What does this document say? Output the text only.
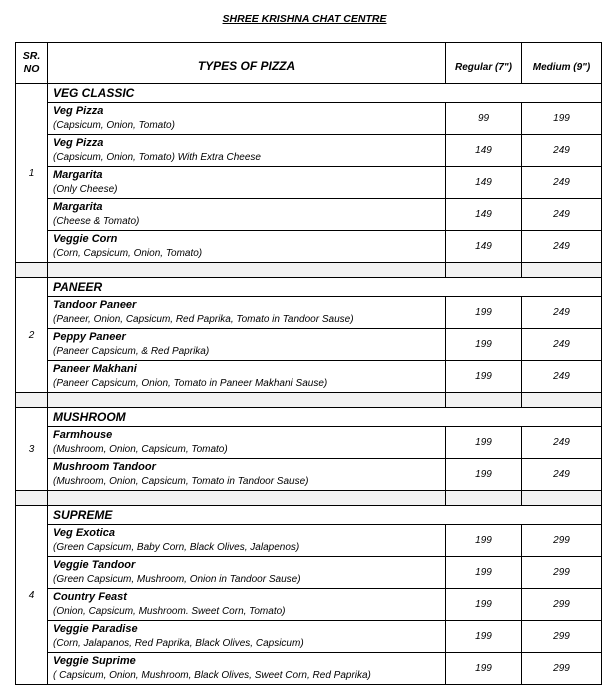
SHREE KRISHNA CHAT CENTRE
SR.
NO	TYPES OF PIZZA	Regular (7")	Medium (9")
1	VEG CLASSIC		

	Veg Pizza
(Capsicum, Onion, Tomato)	99	199

	Veg Pizza
(Capsicum, Onion, Tomato) With Extra Cheese	149	249

	Margarita
(Only Cheese)	149	249

	Margarita
(Cheese & Tomato)	149	249

	Veggie Corn
(Corn, Capsicum, Onion, Tomato)	149	249

2	PANEER		

	Tandoor Paneer
(Paneer, Onion, Capsicum, Red Paprika, Tomato in Tandoor Sause)	199	249

	Peppy Paneer
(Paneer Capsicum, & Red Paprika)	199	249

	Paneer Makhani
(Paneer Capsicum, Onion, Tomato in Paneer Makhani Sause)	199	249

3	MUSHROOM		

	Farmhouse
(Mushroom, Onion, Capsicum, Tomato)	199	249

	Mushroom Tandoor
(Mushroom, Onion, Capsicum, Tomato in Tandoor Sause)	199	249

4	SUPREME		

	Veg Exotica
(Green Capsicum, Baby Corn, Black Olives, Jalapenos)	199	299

	Veggie Tandoor
(Green Capsicum, Mushroom, Onion in Tandoor Sause)	199	299

	Country Feast
(Onion, Capsicum, Mushroom. Sweet Corn, Tomato)	199	299

	Veggie Paradise
(Corn, Jalapanos, Red Paprika, Black Olives, Capsicum)	199	299

	Veggie Suprime
( Capsicum, Onion, Mushroom, Black Olives, Sweet Corn, Red Paprika)	199	299
